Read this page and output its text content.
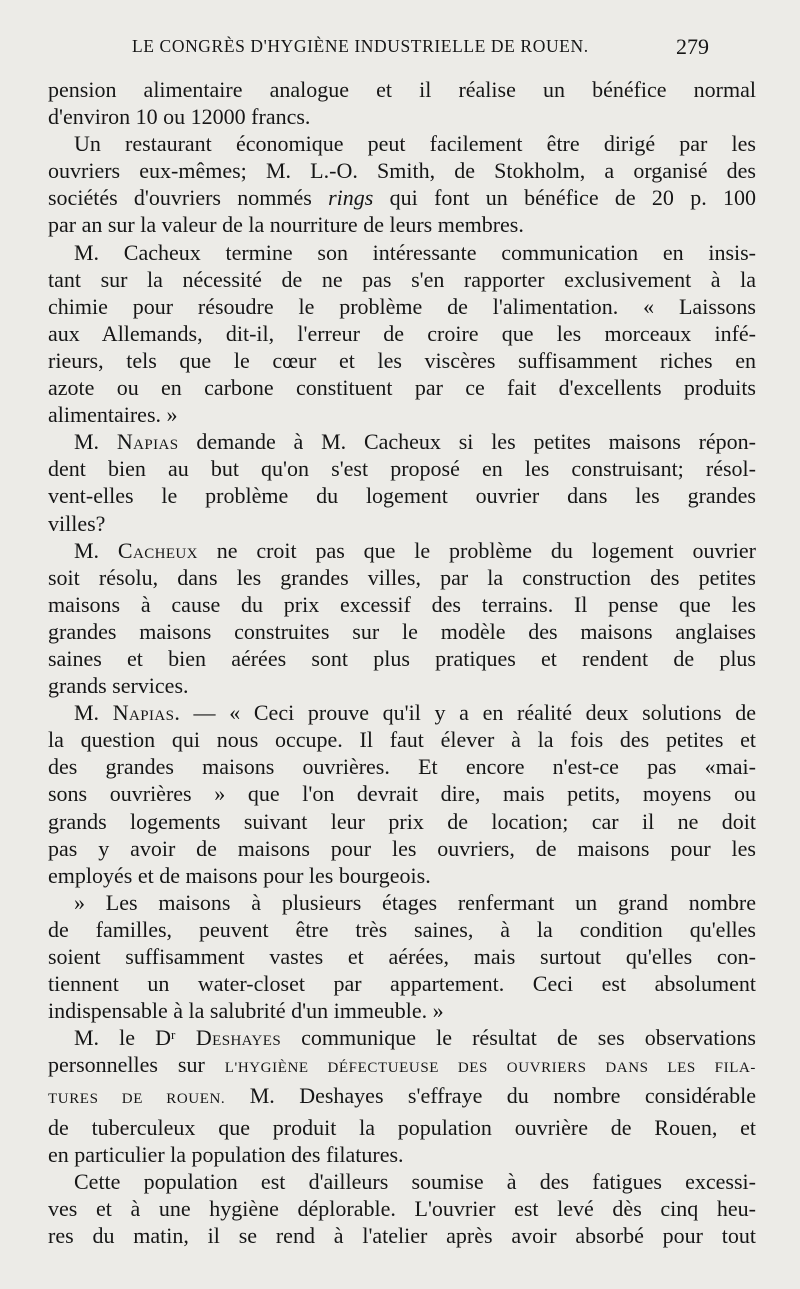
LE CONGRÈS D'HYGIÈNE INDUSTRIELLE DE ROUEN.	279

pension alimentaire analogue et il réalise un bénéfice normal
d'environ 10 ou 12000 francs.
Un restaurant économique peut facilement être dirigé par les
ouvriers eux-mêmes; M. L.-O. Smith, de Stokholm, a organisé des
sociétés d'ouvriers nommés rings qui font un bénéfice de 20 p. 100
par an sur la valeur de la nourriture de leurs membres.
M. Cacheux termine son intéressante communication en insis-
tant sur la nécessité de ne pas s'en rapporter exclusivement à la
chimie pour résoudre le problème de l'alimentation. « Laissons
aux Allemands, dit-il, l'erreur de croire que les morceaux infé-
rieurs, tels que le cœur et les viscères suffisamment riches en
azote ou en carbone constituent par ce fait d'excellents produits
alimentaires. »
M. Napias demande à M. Cacheux si les petites maisons répon-
dent bien au but qu'on s'est proposé en les construisant; résol-
vent-elles le problème du logement ouvrier dans les grandes
villes?
M. Cacheux ne croit pas que le problème du logement ouvrier
soit résolu, dans les grandes villes, par la construction des petites
maisons à cause du prix excessif des terrains. Il pense que les
grandes maisons construites sur le modèle des maisons anglaises
saines et bien aérées sont plus pratiques et rendent de plus
grands services.
M. Napias. — « Ceci prouve qu'il y a en réalité deux solutions de
la question qui nous occupe. Il faut élever à la fois des petites et
des grandes maisons ouvrières. Et encore n'est-ce pas «mai-
sons ouvrières » que l'on devrait dire, mais petits, moyens ou
grands logements suivant leur prix de location; car il ne doit
pas y avoir de maisons pour les ouvriers, de maisons pour les
employés et de maisons pour les bourgeois.
» Les maisons à plusieurs étages renfermant un grand nombre
de familles, peuvent être très saines, à la condition qu'elles
soient suffisamment vastes et aérées, mais surtout qu'elles con-
tiennent un water-closet par appartement. Ceci est absolument
indispensable à la salubrité d'un immeuble. »
M. le $D^r$ Deshayes communique le résultat de ses observations
personnelles sur L'HYGIÈNE DÉFECTUEUSE DES OUVRIERS DANS LES FILA-
TURES DE ROUEN. M. Deshayes s'effraye du nombre considérable
de tuberculeux que produit la population ouvrière de Rouen, et
en particulier la population des filatures.
Cette population est d'ailleurs soumise à des fatigues excessi-
ves et à une hygiène déplorable. L'ouvrier est levé dès cinq heu-
res du matin, il se rend à l'atelier après avoir absorbé pour tout
